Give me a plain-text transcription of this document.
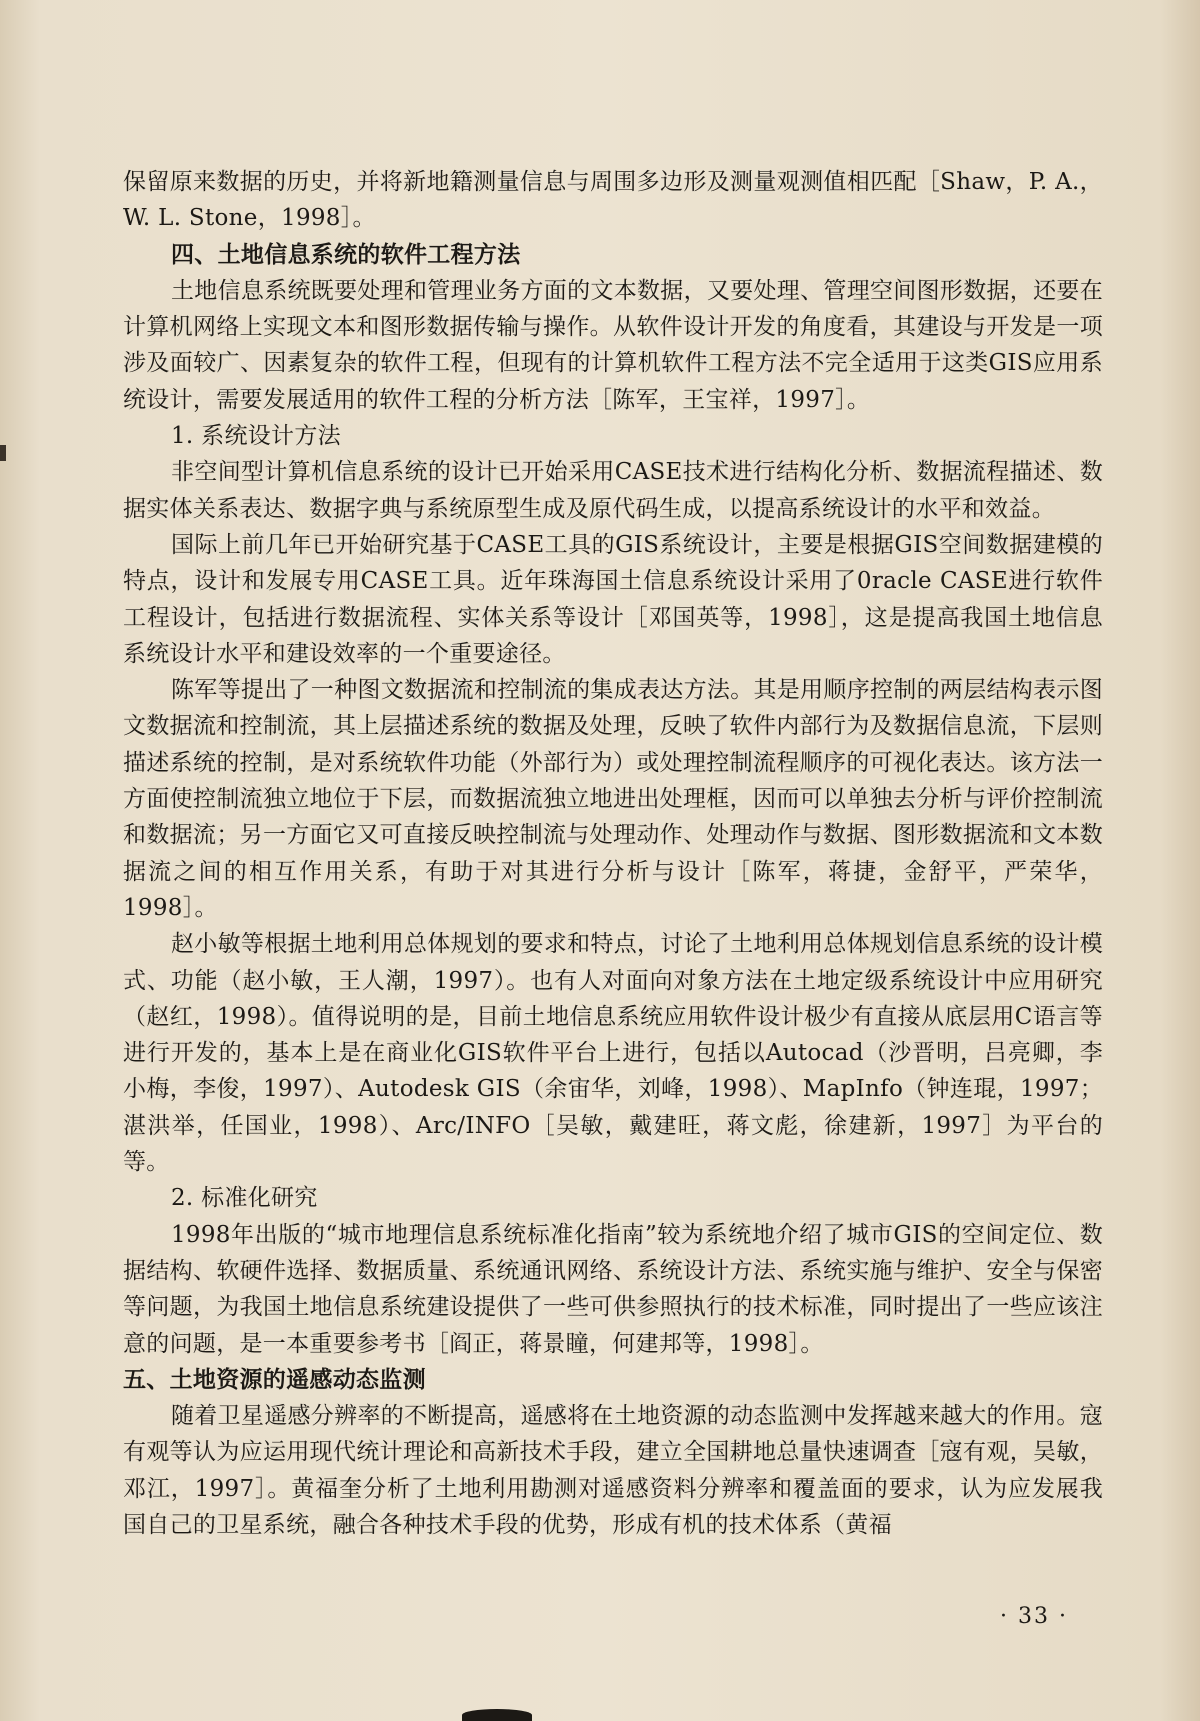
保留原来数据的历史，并将新地籍测量信息与周围多边形及测量观测值相匹配［Shaw，P. A.，W. L. Stone，1998］。

四、土地信息系统的软件工程方法

土地信息系统既要处理和管理业务方面的文本数据，又要处理、管理空间图形数据，还要在计算机网络上实现文本和图形数据传输与操作。从软件设计开发的角度看，其建设与开发是一项涉及面较广、因素复杂的软件工程，但现有的计算机软件工程方法不完全适用于这类GIS应用系统设计，需要发展适用的软件工程的分析方法［陈军，王宝祥，1997］。

1. 系统设计方法

非空间型计算机信息系统的设计已开始采用CASE技术进行结构化分析、数据流程描述、数据实体关系表达、数据字典与系统原型生成及原代码生成，以提高系统设计的水平和效益。

国际上前几年已开始研究基于CASE工具的GIS系统设计，主要是根据GIS空间数据建模的特点，设计和发展专用CASE工具。近年珠海国土信息系统设计采用了0racle CASE进行软件工程设计，包括进行数据流程、实体关系等设计［邓国英等，1998］，这是提高我国土地信息系统设计水平和建设效率的一个重要途径。

陈军等提出了一种图文数据流和控制流的集成表达方法。其是用顺序控制的两层结构表示图文数据流和控制流，其上层描述系统的数据及处理，反映了软件内部行为及数据信息流，下层则描述系统的控制，是对系统软件功能（外部行为）或处理控制流程顺序的可视化表达。该方法一方面使控制流独立地位于下层，而数据流独立地进出处理框，因而可以单独去分析与评价控制流和数据流；另一方面它又可直接反映控制流与处理动作、处理动作与数据、图形数据流和文本数据流之间的相互作用关系，有助于对其进行分析与设计［陈军，蒋捷，金舒平，严荣华，1998］。

赵小敏等根据土地利用总体规划的要求和特点，讨论了土地利用总体规划信息系统的设计模式、功能（赵小敏，王人潮，1997）。也有人对面向对象方法在土地定级系统设计中应用研究（赵红，1998）。值得说明的是，目前土地信息系统应用软件设计极少有直接从底层用C语言等进行开发的，基本上是在商业化GIS软件平台上进行，包括以Autocad（沙晋明，吕亮卿，李小梅，李俊，1997）、Autodesk GIS（余宙华，刘峰，1998）、MapInfo（钟连琨，1997；湛洪举，任国业，1998）、Arc/INFO［吴敏，戴建旺，蒋文彪，徐建新，1997］为平台的等。

2. 标准化研究

1998年出版的“城市地理信息系统标准化指南”较为系统地介绍了城市GIS的空间定位、数据结构、软硬件选择、数据质量、系统通讯网络、系统设计方法、系统实施与维护、安全与保密等问题，为我国土地信息系统建设提供了一些可供参照执行的技术标准，同时提出了一些应该注意的问题，是一本重要参考书［阎正，蒋景瞳，何建邦等，1998］。

五、土地资源的遥感动态监测

随着卫星遥感分辨率的不断提高，遥感将在土地资源的动态监测中发挥越来越大的作用。寇有观等认为应运用现代统计理论和高新技术手段，建立全国耕地总量快速调查［寇有观，吴敏，邓江，1997］。黄福奎分析了土地利用勘测对遥感资料分辨率和覆盖面的要求，认为应发展我国自己的卫星系统，融合各种技术手段的优势，形成有机的技术体系（黄福

· 33 ·
